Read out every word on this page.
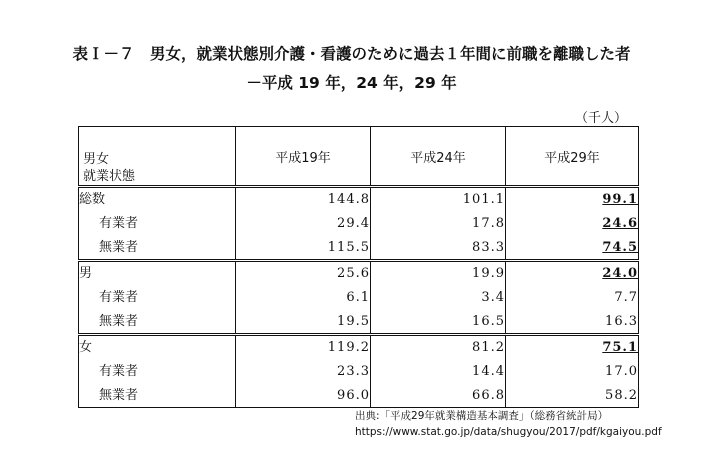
表Ｉ－７　男女，就業状態別介護・看護のために過去１年間に前職を離職した者
－平成 19 年，24 年，29 年
（千人）
男女
就業状態	平成19年	平成24年	平成29年
総数	144.8	101.1	99.1
有業者	29.4	17.8	24.6
無業者	115.5	83.3	74.5
男	25.6	19.9	24.0
有業者	6.1	3.4	7.7
無業者	19.5	16.5	16.3
女	119.2	81.2	75.1
有業者	23.3	14.4	17.0
無業者	96.0	66.8	58.2
出典:「平成29年就業構造基本調査」（総務省統計局）
https://www.stat.go.jp/data/shugyou/2017/pdf/kgaiyou.pdf
